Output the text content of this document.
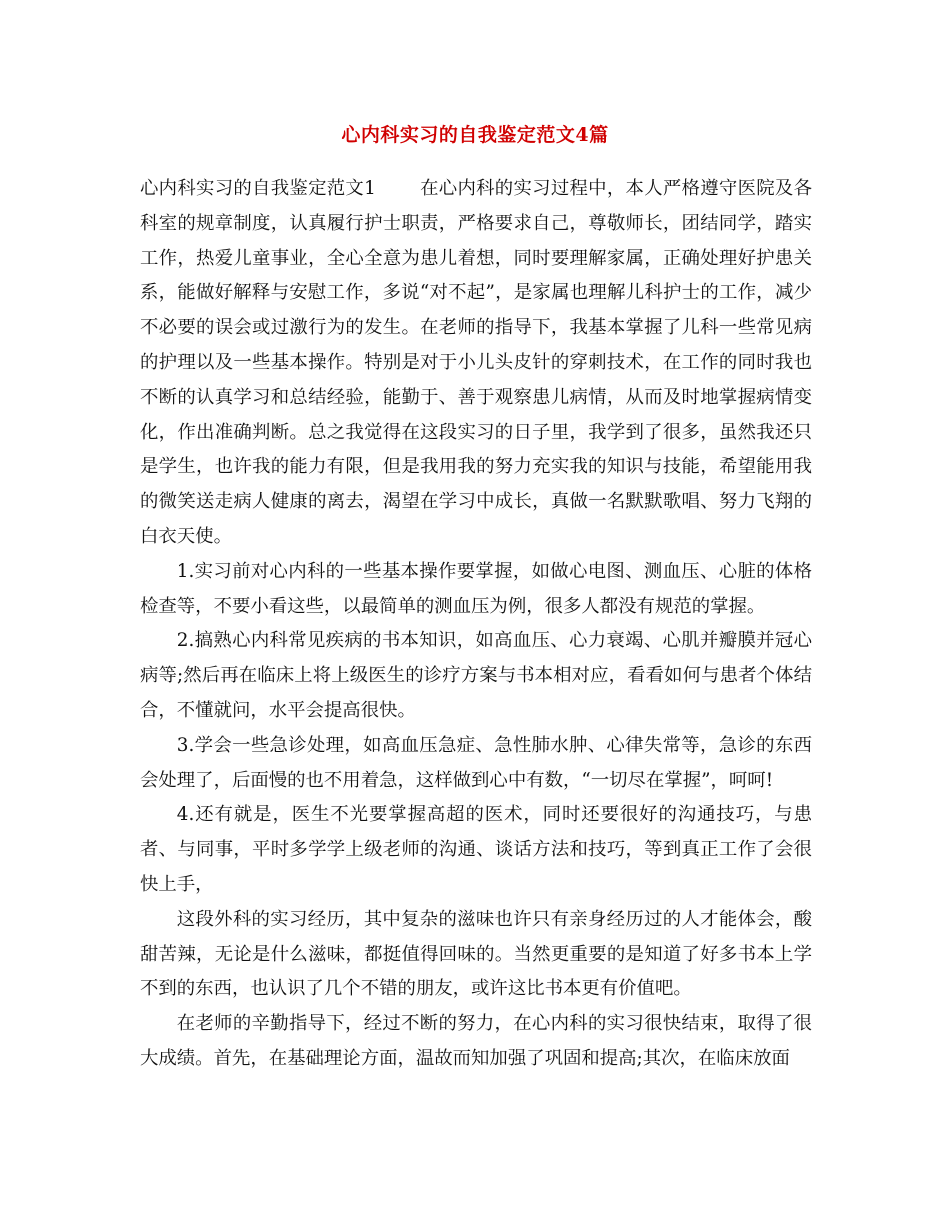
心内科实习的自我鉴定范文4篇

心内科实习的自我鉴定范文1 在心内科的实习过程中，本人严格遵守医院及各科室的规章制度，认真履行护士职责，严格要求自己，尊敬师长，团结同学，踏实工作，热爱儿童事业，全心全意为患儿着想，同时要理解家属，正确处理好护患关系，能做好解释与安慰工作，多说“对不起”，是家属也理解儿科护士的工作，减少不必要的误会或过激行为的发生。在老师的指导下，我基本掌握了儿科一些常见病的护理以及一些基本操作。特别是对于小儿头皮针的穿刺技术，在工作的同时我也不断的认真学习和总结经验，能勤于、善于观察患儿病情，从而及时地掌握病情变化，作出准确判断。总之我觉得在这段实习的日子里，我学到了很多，虽然我还只是学生，也许我的能力有限，但是我用我的努力充实我的知识与技能，希望能用我的微笑送走病人健康的离去，渴望在学习中成长，真做一名默默歌唱、努力飞翔的白衣天使。

1.实习前对心内科的一些基本操作要掌握，如做心电图、测血压、心脏的体格检查等，不要小看这些，以最简单的测血压为例，很多人都没有规范的掌握。

2.搞熟心内科常见疾病的书本知识，如高血压、心力衰竭、心肌并瓣膜并冠心病等;然后再在临床上将上级医生的诊疗方案与书本相对应，看看如何与患者个体结合，不懂就问，水平会提高很快。

3.学会一些急诊处理，如高血压急症、急性肺水肿、心律失常等，急诊的东西会处理了，后面慢的也不用着急，这样做到心中有数，“一切尽在掌握”，呵呵!

4.还有就是，医生不光要掌握高超的医术，同时还要很好的沟通技巧，与患者、与同事，平时多学学上级老师的沟通、谈话方法和技巧，等到真正工作了会很快上手，

这段外科的实习经历，其中复杂的滋味也许只有亲身经历过的人才能体会，酸甜苦辣，无论是什么滋味，都挺值得回味的。当然更重要的是知道了好多书本上学不到的东西，也认识了几个不错的朋友，或许这比书本更有价值吧。

在老师的辛勤指导下，经过不断的努力，在心内科的实习很快结束，取得了很大成绩。首先，在基础理论方面，温故而知加强了巩固和提高;其次，在临床放面
